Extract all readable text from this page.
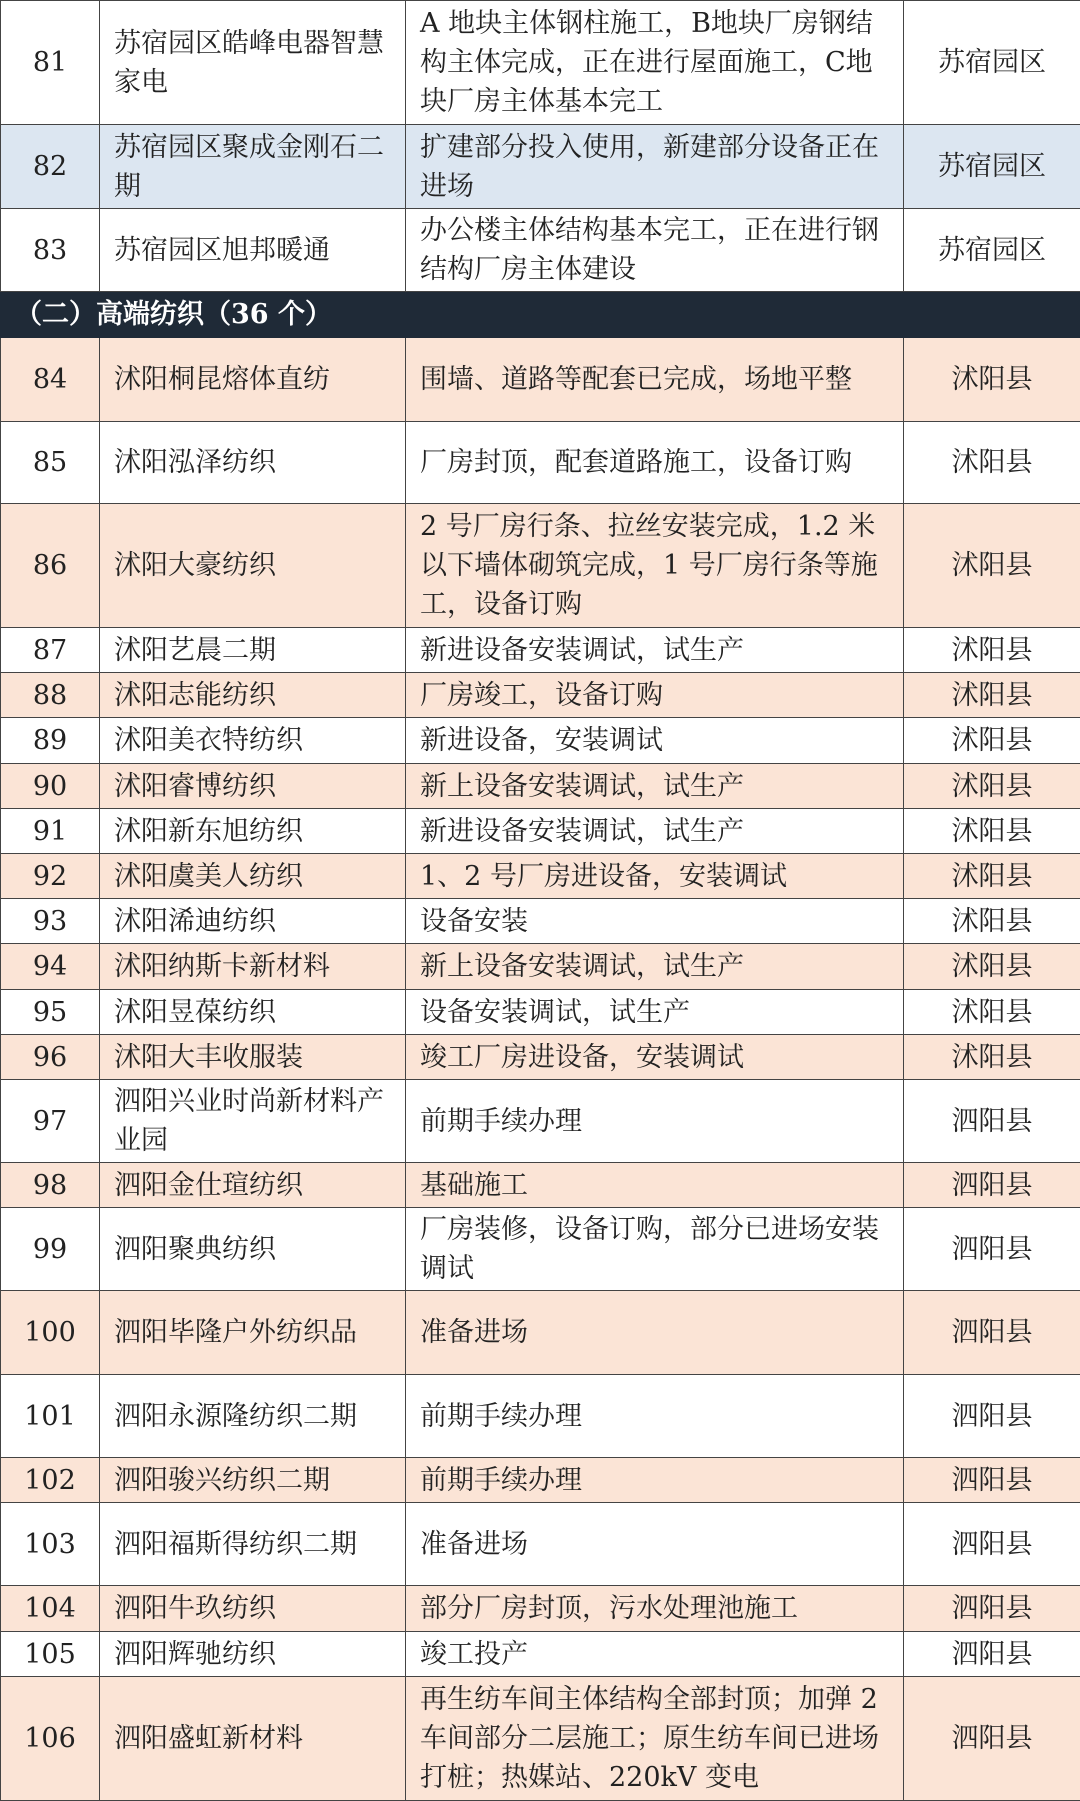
81	苏宿园区皓峰电器智慧家电	A 地块主体钢柱施工，B地块厂房钢结构主体完成，正在进行屋面施工，C地块厂房主体基本完工	苏宿园区
82	苏宿园区聚成金刚石二期	扩建部分投入使用，新建部分设备正在进场	苏宿园区
83	苏宿园区旭邦暖通	办公楼主体结构基本完工，正在进行钢结构厂房主体建设	苏宿园区
（二）高端纺织（36 个）			
84	沭阳桐昆熔体直纺	围墙、道路等配套已完成，场地平整	沭阳县
85	沭阳泓泽纺织	厂房封顶，配套道路施工，设备订购	沭阳县
86	沭阳大豪纺织	2 号厂房行条、拉丝安装完成，1.2 米以下墙体砌筑完成，1 号厂房行条等施工，设备订购	沭阳县
87	沭阳艺晨二期	新进设备安装调试，试生产	沭阳县
88	沭阳志能纺织	厂房竣工，设备订购	沭阳县
89	沭阳美衣特纺织	新进设备，安装调试	沭阳县
90	沭阳睿博纺织	新上设备安装调试，试生产	沭阳县
91	沭阳新东旭纺织	新进设备安装调试，试生产	沭阳县
92	沭阳虞美人纺织	1、2 号厂房进设备，安装调试	沭阳县
93	沭阳浠迪纺织	设备安装	沭阳县
94	沭阳纳斯卡新材料	新上设备安装调试，试生产	沭阳县
95	沭阳昱葆纺织	设备安装调试，试生产	沭阳县
96	沭阳大丰收服装	竣工厂房进设备，安装调试	沭阳县
97	泗阳兴业时尚新材料产业园	前期手续办理	泗阳县
98	泗阳金仕瑄纺织	基础施工	泗阳县
99	泗阳聚典纺织	厂房装修，设备订购，部分已进场安装调试	泗阳县
100	泗阳毕隆户外纺织品	准备进场	泗阳县
101	泗阳永源隆纺织二期	前期手续办理	泗阳县
102	泗阳骏兴纺织二期	前期手续办理	泗阳县
103	泗阳福斯得纺织二期	准备进场	泗阳县
104	泗阳牛玖纺织	部分厂房封顶，污水处理池施工	泗阳县
105	泗阳辉驰纺织	竣工投产	泗阳县
106	泗阳盛虹新材料	再生纺车间主体结构全部封顶；加弹 2 车间部分二层施工；原生纺车间已进场打桩；热媒站、220kV 变电	泗阳县
